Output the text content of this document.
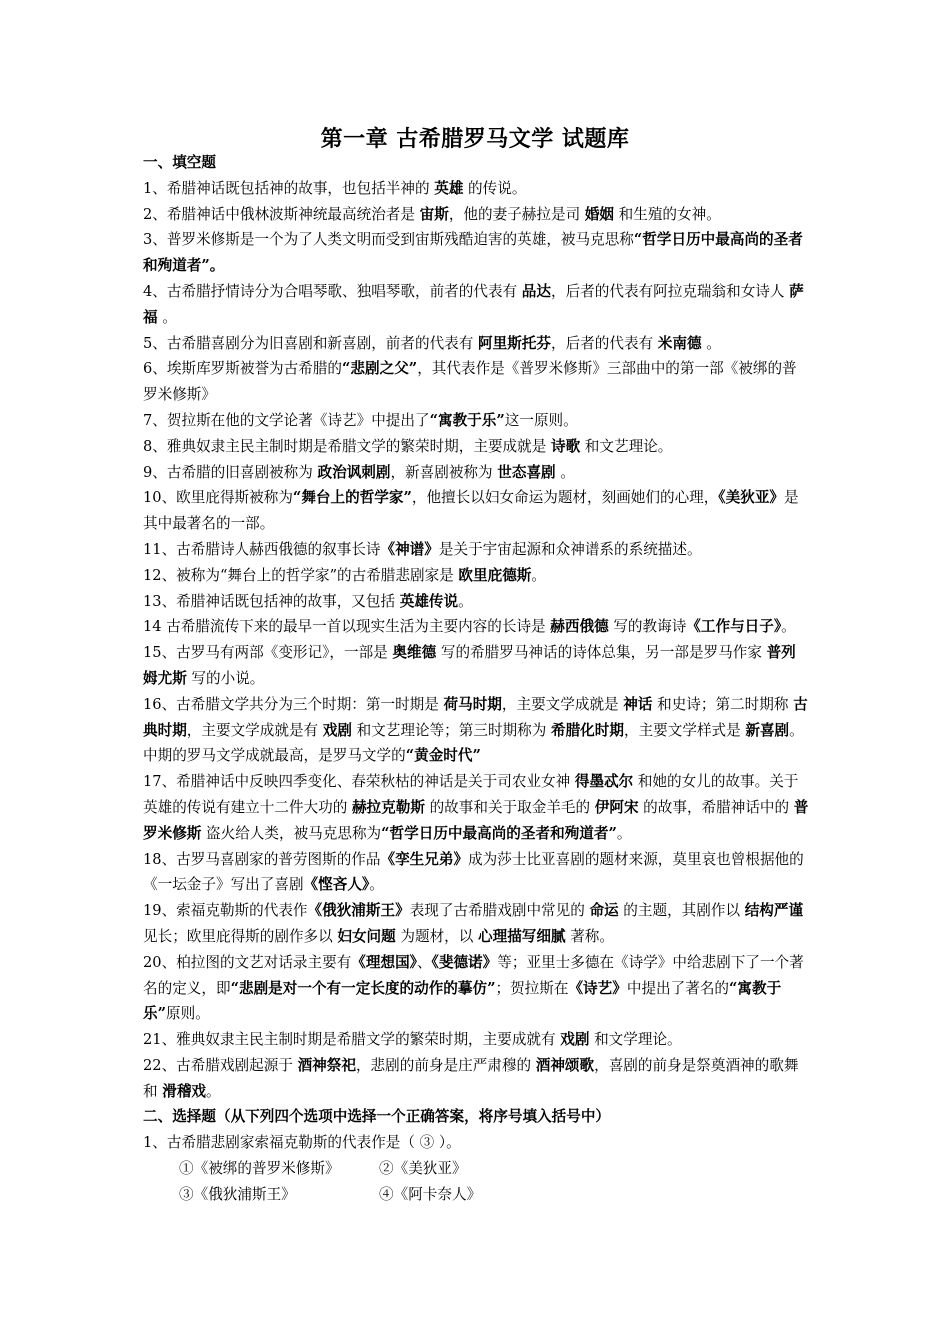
第一章 古希腊罗马文学 试题库
一、填空题
1、希腊神话既包括神的故事，也包括半神的 英雄 的传说。
2、希腊神话中俄林波斯神统最高统治者是 宙斯，他的妻子赫拉是司 婚姻 和生殖的女神。
3、普罗米修斯是一个为了人类文明而受到宙斯残酷迫害的英雄，被马克思称“哲学日历中最高尚的圣者和殉道者”。
4、古希腊抒情诗分为合唱琴歌、独唱琴歌，前者的代表有 品达，后者的代表有阿拉克瑞翁和女诗人 萨福 。
5、古希腊喜剧分为旧喜剧和新喜剧，前者的代表有 阿里斯托芬，后者的代表有 米南德 。
6、埃斯库罗斯被誉为古希腊的“悲剧之父”，其代表作是《普罗米修斯》三部曲中的第一部《被绑的普罗米修斯》
7、贺拉斯在他的文学论著《诗艺》中提出了“寓教于乐”这一原则。
8、雅典奴隶主民主制时期是希腊文学的繁荣时期，主要成就是 诗歌 和文艺理论。
9、古希腊的旧喜剧被称为 政治讽刺剧，新喜剧被称为 世态喜剧 。
10、欧里庇得斯被称为“舞台上的哲学家”，他擅长以妇女命运为题材，刻画她们的心理，《美狄亚》是其中最著名的一部。
11、古希腊诗人赫西俄德的叙事长诗《神谱》是关于宇宙起源和众神谱系的系统描述。
12、被称为“舞台上的哲学家”的古希腊悲剧家是 欧里庇德斯。
13、希腊神话既包括神的故事，又包括 英雄传说。
14 古希腊流传下来的最早一首以现实生活为主要内容的长诗是 赫西俄德 写的教诲诗《工作与日子》。
15、古罗马有两部《变形记》，一部是 奥维德 写的希腊罗马神话的诗体总集，另一部是罗马作家 普列姆尤斯 写的小说。
16、古希腊文学共分为三个时期：第一时期是 荷马时期，主要文学成就是 神话 和史诗；第二时期称 古典时期，主要文学成就是有 戏剧 和文艺理论等；第三时期称为 希腊化时期，主要文学样式是 新喜剧。中期的罗马文学成就最高，是罗马文学的“黄金时代”
17、希腊神话中反映四季变化、春荣秋枯的神话是关于司农业女神 得墨忒尔 和她的女儿的故事。关于英雄的传说有建立十二件大功的 赫拉克勒斯 的故事和关于取金羊毛的 伊阿宋 的故事，希腊神话中的 普罗米修斯 盗火给人类，被马克思称为“哲学日历中最高尚的圣者和殉道者”。
18、古罗马喜剧家的普劳图斯的作品《孪生兄弟》成为莎士比亚喜剧的题材来源，莫里哀也曾根据他的《一坛金子》写出了喜剧《悭吝人》。
19、索福克勒斯的代表作《俄狄浦斯王》表现了古希腊戏剧中常见的 命运 的主题，其剧作以 结构严谨 见长；欧里庇得斯的剧作多以 妇女问题 为题材，以 心理描写细腻 著称。
20、柏拉图的文艺对话录主要有《理想国》、《斐德诺》等；亚里士多德在《诗学》中给悲剧下了一个著名的定义，即“悲剧是对一个有一定长度的动作的摹仿”；贺拉斯在《诗艺》中提出了著名的“寓教于乐”原则。
21、雅典奴隶主民主制时期是希腊文学的繁荣时期，主要成就有 戏剧 和文学理论。
22、古希腊戏剧起源于 酒神祭祀，悲剧的前身是庄严肃穆的 酒神颂歌，喜剧的前身是祭奠酒神的歌舞和 滑稽戏。
二、选择题（从下列四个选项中选择一个正确答案，将序号填入括号中）
1、古希腊悲剧家索福克勒斯的代表作是（ ③ ）。
①《被绑的普罗米修斯》	②《美狄亚》
③《俄狄浦斯王》	④《阿卡奈人》
